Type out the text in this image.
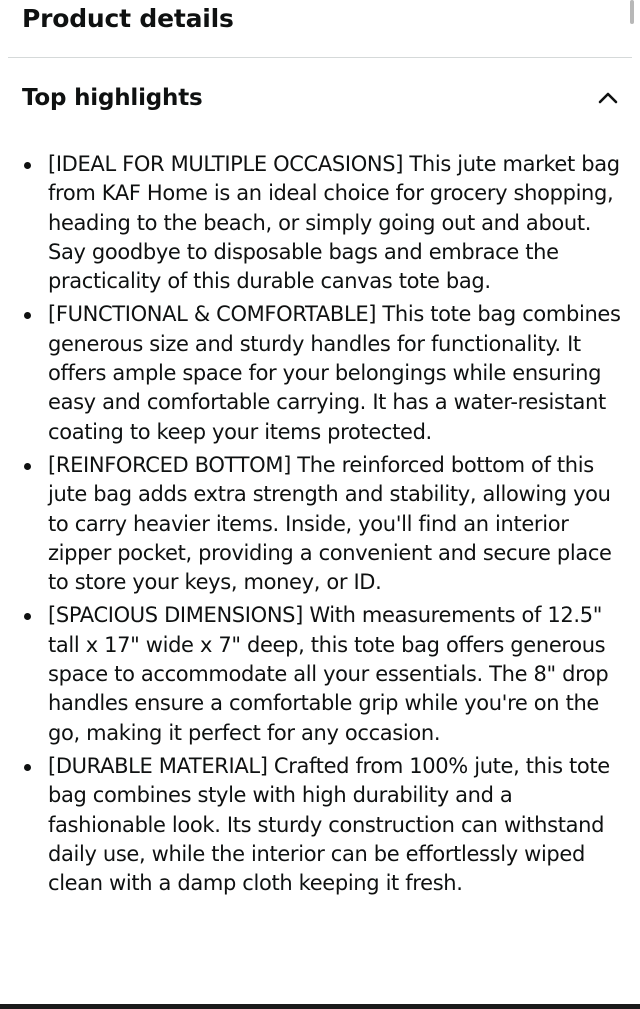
Product details
Top highlights
[IDEAL FOR MULTIPLE OCCASIONS] This jute market bag from KAF Home is an ideal choice for grocery shopping, heading to the beach, or simply going out and about. Say goodbye to disposable bags and embrace the practicality of this durable canvas tote bag.
[FUNCTIONAL & COMFORTABLE] This tote bag combines generous size and sturdy handles for functionality. It offers ample space for your belongings while ensuring easy and comfortable carrying. It has a water-resistant coating to keep your items protected.
[REINFORCED BOTTOM] The reinforced bottom of this jute bag adds extra strength and stability, allowing you to carry heavier items. Inside, you'll find an interior zipper pocket, providing a convenient and secure place to store your keys, money, or ID.
[SPACIOUS DIMENSIONS] With measurements of 12.5" tall x 17" wide x 7" deep, this tote bag offers generous space to accommodate all your essentials. The 8" drop handles ensure a comfortable grip while you're on the go, making it perfect for any occasion.
[DURABLE MATERIAL] Crafted from 100% jute, this tote bag combines style with high durability and a fashionable look. Its sturdy construction can withstand daily use, while the interior can be effortlessly wiped clean with a damp cloth keeping it fresh.
